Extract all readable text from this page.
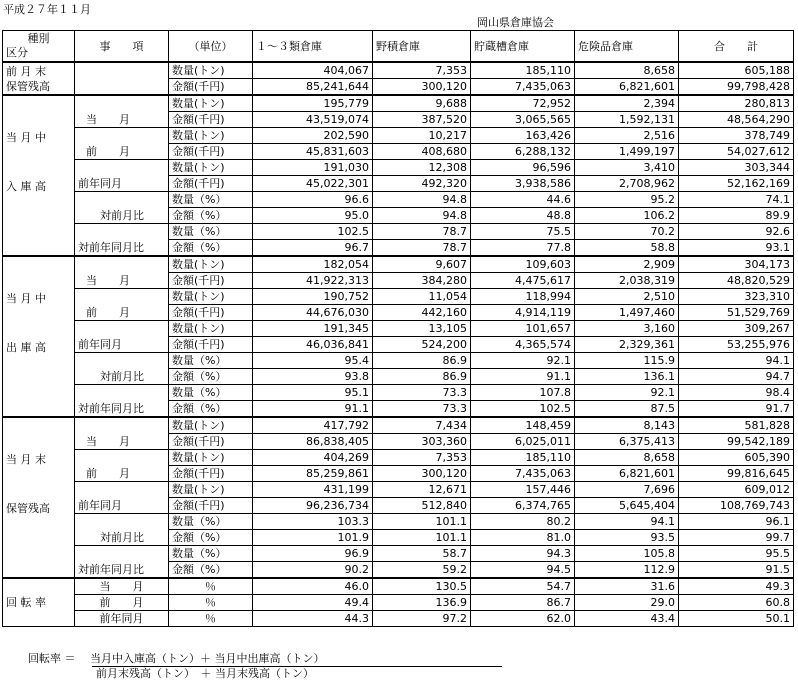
平成２７年１１月
岡山県倉庫協会
種別
区分	事　　項	（単位）	１～３類倉庫	野積倉庫	貯蔵槽倉庫	危険品倉庫	合　　計

前 月 末
保管残高		数量(トン)	404,067	7,353	185,110	8,658	605,188
		金額(千円)	85,241,644	300,120	7,435,063	6,821,601	99,798,428

当 月 中
入 庫 高	当　　月	数量(トン)	195,779	9,688	72,952	2,394	280,813
		金額(千円)	43,519,074	387,520	3,065,565	1,592,131	48,564,290

	前　　月	数量(トン)	202,590	10,217	163,426	2,516	378,749
		金額(千円)	45,831,603	408,680	6,288,132	1,499,197	54,027,612

	前年同月	数量(トン)	191,030	12,308	96,596	3,410	303,344
		金額(千円)	45,022,301	492,320	3,938,586	2,708,962	52,162,169

	対前月比	数量（%）	96.6	94.8	44.6	95.2	74.1
		金額（%）	95.0	94.8	48.8	106.2	89.9

	対前年同月比	数量（%）	102.5	78.7	75.5	70.2	92.6
		金額（%）	96.7	78.7	77.8	58.8	93.1

当 月 中
出 庫 高	当　　月	数量(トン)	182,054	9,607	109,603	2,909	304,173
		金額(千円)	41,922,313	384,280	4,475,617	2,038,319	48,820,529

	前　　月	数量(トン)	190,752	11,054	118,994	2,510	323,310
		金額(千円)	44,676,030	442,160	4,914,119	1,497,460	51,529,769

	前年同月	数量(トン)	191,345	13,105	101,657	3,160	309,267
		金額(千円)	46,036,841	524,200	4,365,574	2,329,361	53,255,976

	対前月比	数量（%）	95.4	86.9	92.1	115.9	94.1
		金額（%）	93.8	86.9	91.1	136.1	94.7

	対前年同月比	数量（%）	95.1	73.3	107.8	92.1	98.4
		金額（%）	91.1	73.3	102.5	87.5	91.7

当 月 末
保管残高	当　　月	数量(トン)	417,792	7,434	148,459	8,143	581,828
		金額(千円)	86,838,405	303,360	6,025,011	6,375,413	99,542,189

	前　　月	数量(トン)	404,269	7,353	185,110	8,658	605,390
		金額(千円)	85,259,861	300,120	7,435,063	6,821,601	99,816,645

	前年同月	数量(トン)	431,199	12,671	157,446	7,696	609,012
		金額(千円)	96,236,734	512,840	6,374,765	5,645,404	108,769,743

	対前月比	数量（%）	103.3	101.1	80.2	94.1	96.1
		金額（%）	101.9	101.1	81.0	93.5	99.7

	対前年同月比	数量（%）	96.9	58.7	94.3	105.8	95.5
		金額（%）	90.2	59.2	94.5	112.9	91.5
回 転 率	当　　月	％	46.0	130.5	54.7	31.6	49.3
	前　　月	％	49.4	136.9	86.7	29.0	60.8
	前年同月	％	44.3	97.2	62.0	43.4	50.1
回転率 ＝ 当月中入庫高（トン）＋ 当月中出庫高（トン）
前月末残高（トン）　＋ 当月末残高（トン）
